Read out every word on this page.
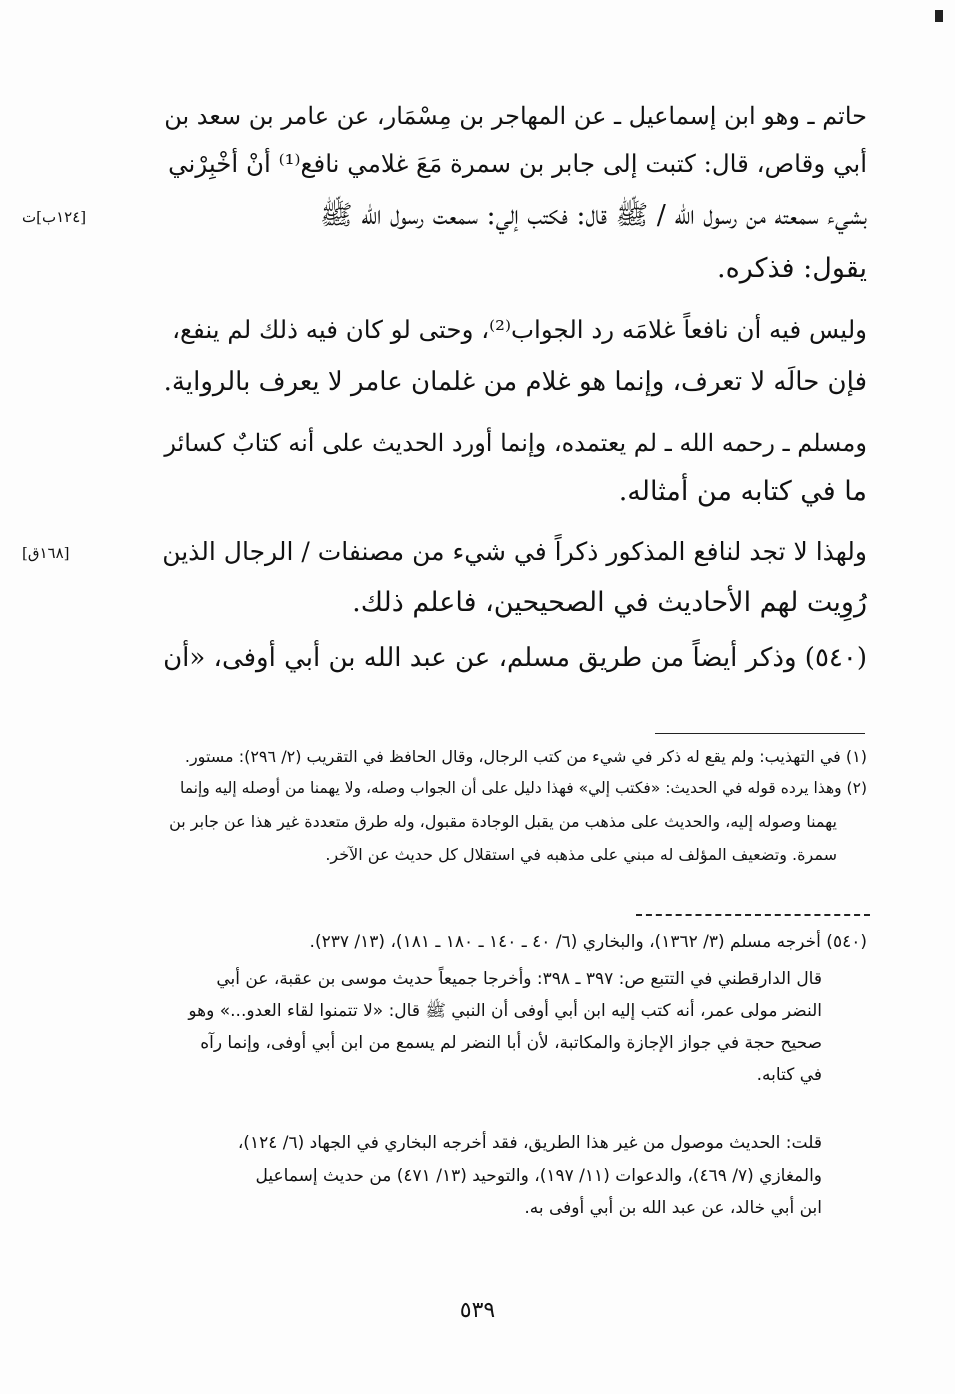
حاتم ـ وهو ابن إسماعيل ـ عن المهاجر بن مِسْمَار، عن عامر بن سعد بن
أبي وقاص، قال: كتبت إلى جابر بن سمرة مَعَ غلامي نافع⁽¹⁾ أنْ أخْبِرْني
بشيء سمعته من رسول الله / ﷺ قال: فكتب إلي: سمعت رسول الله ﷺ
يقول: فذكره.
وليس فيه أن نافعاً غلامَه رد الجواب⁽²⁾، وحتى لو كان فيه ذلك لم ينفع،
فإن حالَه لا تعرف، وإنما هو غلام من غلمان عامر لا يعرف بالرواية.
ومسلم ـ رحمه الله ـ لم يعتمده، وإنما أورد الحديث على أنه كتابٌ كسائر
ما في كتابه من أمثاله.
ولهذا لا تجد لنافع المذكور ذكراً في شيء من مصنفات / الرجال الذين
رُوِيت لهم الأحاديث في الصحيحين، فاعلم ذلك.
(٥٤٠) وذكر أيضاً من طريق مسلم، عن عبد الله بن أبي أوفى، «أن
[١٢٤ب]ت
[١٦٨ق]
(١) في التهذيب: ولم يقع له ذكر في شيء من كتب الرجال، وقال الحافظ في التقريب (٢/ ٢٩٦): مستور.
(٢) وهذا يرده قوله في الحديث: «فكتب إلي» فهذا دليل على أن الجواب وصله، ولا يهمنا من أوصله إليه وإنما
يهمنا وصوله إليه، والحديث على مذهب من يقبل الوجادة مقبول، وله طرق متعددة غير هذا عن جابر بن
سمرة. وتضعيف المؤلف له مبني على مذهبه في استقلال كل حديث عن الآخر.
(٥٤٠) أخرجه مسلم (٣/ ١٣٦٢)، والبخاري (٦/ ٤٠ ـ ١٤٠ ـ ١٨٠ ـ ١٨١)، (١٣/ ٢٣٧).
قال الدارقطني في التتبع ص: ٣٩٧ ـ ٣٩٨: وأخرجا جميعاً حديث موسى بن عقبة، عن أبي
النضر مولى عمر، أنه كتب إليه ابن أبي أوفى أن النبي ﷺ قال: «لا تتمنوا لقاء العدو...» وهو
صحيح حجة في جواز الإجازة والمكاتبة، لأن أبا النضر لم يسمع من ابن أبي أوفى، وإنما رآه
في كتابه.
قلت: الحديث موصول من غير هذا الطريق، فقد أخرجه البخاري في الجهاد (٦/ ١٢٤)،
والمغازي (٧/ ٤٦٩)، والدعوات (١١/ ١٩٧)، والتوحيد (١٣/ ٤٧١) من حديث إسماعيل
ابن أبي خالد، عن عبد الله بن أبي أوفى به.
٥٣٩
